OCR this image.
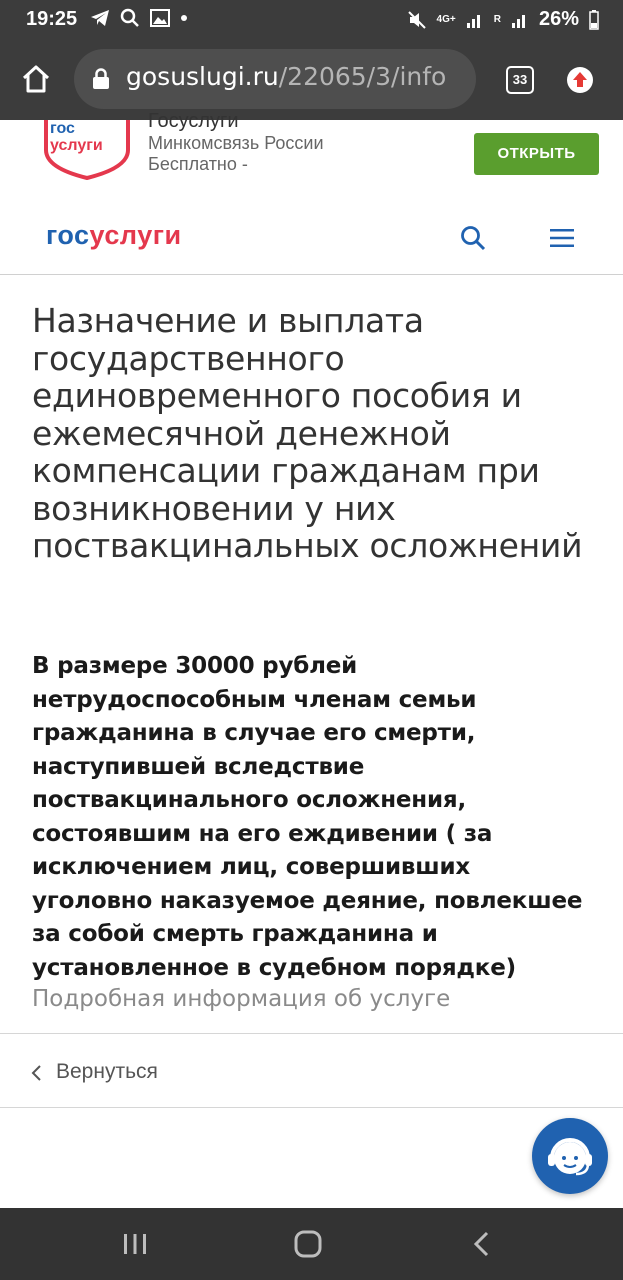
19:25	4G+	R 26%
gosuslugi.ru/22065/3/info	33
гос
услуги
Госуслуги
Минкомсвязь России
Бесплатно -
ОТКРЫТЬ
госуслуги
Назначение и выплата государственного единовременного пособия и ежемесячной денежной компенсации гражданам при возникновении у них поствакцинальных осложнений
В размере 30000 рублей нетрудоспособным членам семьи гражданина в случае его смерти, наступившей вследствие поствакцинального осложнения, состоявшим на его еждивении ( за исключением лиц, совершивших уголовно наказуемое деяние, повлекшее за собой смерть гражданина и установленное в судебном порядке)
Подробная информация об услуге
Вернуться
